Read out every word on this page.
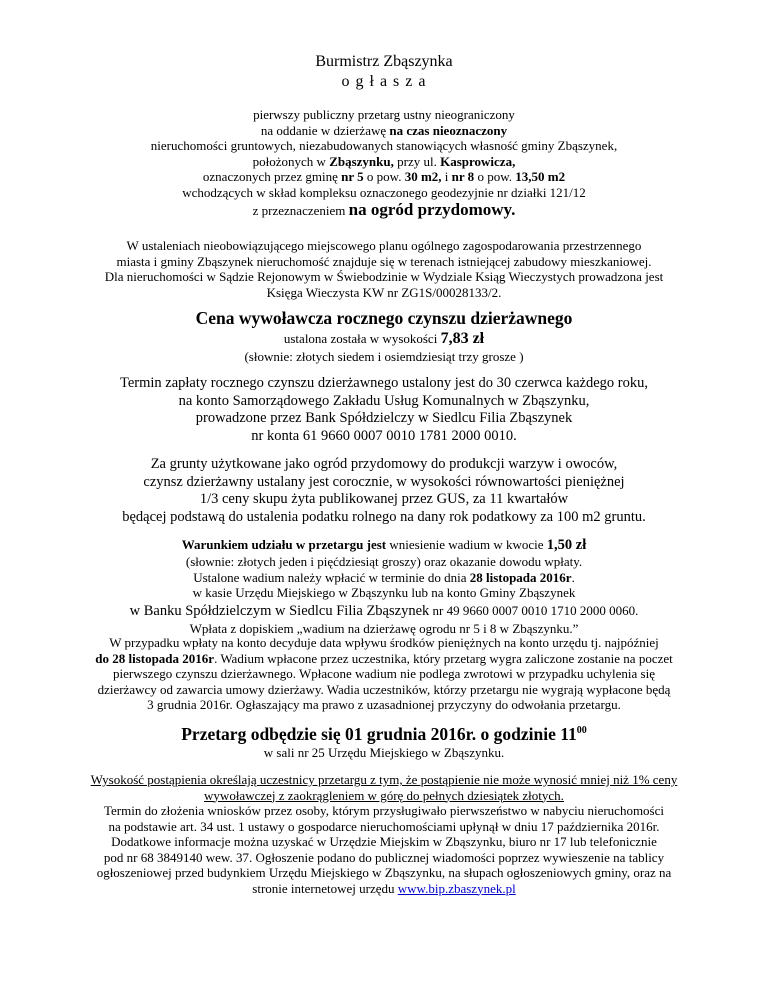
Burmistrz Zbąszynka

o g ł a s z a

pierwszy publiczny przetarg ustny nieograniczony

na oddanie w dzierżawę na czas nieoznaczony

nieruchomości gruntowych, niezabudowanych stanowiących własność gminy Zbąszynek,

położonych w Zbąszynku, przy ul. Kasprowicza,

oznaczonych przez gminę nr 5 o pow. 30 m2, i nr 8 o pow. 13,50 m2

wchodzących w skład kompleksu oznaczonego geodezyjnie nr działki 121/12

z przeznaczeniem na ogród przydomowy.

W ustaleniach nieobowiązującego miejscowego planu ogólnego zagospodarowania przestrzennego

miasta i gminy Zbąszynek nieruchomość znajduje się w terenach istniejącej zabudowy mieszkaniowej.

Dla nieruchomości w Sądzie Rejonowym w Świebodzinie w Wydziale Ksiąg Wieczystych prowadzona jest

Księga Wieczysta KW nr ZG1S/00028133/2.

Cena wywoławcza rocznego czynszu dzierżawnego

ustalona została w wysokości 7,83 zł

(słownie: złotych siedem i osiemdziesiąt trzy grosze )

Termin zapłaty rocznego czynszu dzierżawnego ustalony jest do 30 czerwca każdego roku,

na konto Samorządowego Zakładu Usług Komunalnych w Zbąszynku,

prowadzone przez Bank Spółdzielczy w Siedlcu Filia Zbąszynek

nr konta 61 9660 0007 0010 1781 2000 0010.

Za grunty użytkowane jako ogród przydomowy do produkcji warzyw i owoców,

czynsz dzierżawny ustalany jest corocznie, w wysokości równowartości pieniężnej

1/3 ceny skupu żyta publikowanej przez GUS, za 11 kwartałów

będącej podstawą do ustalenia podatku rolnego na dany rok podatkowy za 100 m2 gruntu.

Warunkiem udziału w przetargu jest wniesienie wadium w kwocie 1,50 zł

(słownie: złotych jeden i pięćdziesiąt groszy) oraz okazanie dowodu wpłaty.

Ustalone wadium należy wpłacić w terminie do dnia 28 listopada 2016r.

w kasie Urzędu Miejskiego w Zbąszynku lub na konto Gminy Zbąszynek

w Banku Spółdzielczym w Siedlcu Filia Zbąszynek nr 49 9660 0007 0010 1710 2000 0060.

Wpłata z dopiskiem „wadium na dzierżawę ogrodu nr 5 i 8 w Zbąszynku.”

W przypadku wpłaty na konto decyduje data wpływu środków pieniężnych na konto urzędu tj. najpóźniej

do 28 listopada 2016r. Wadium wpłacone przez uczestnika, który przetarg wygra zaliczone zostanie na poczet

pierwszego czynszu dzierżawnego. Wpłacone wadium nie podlega zwrotowi w przypadku uchylenia się

dzierżawcy od zawarcia umowy dzierżawy. Wadia uczestników, którzy przetargu nie wygrają wypłacone będą

3 grudnia 2016r. Ogłaszający ma prawo z uzasadnionej przyczyny do odwołania przetargu.

Przetarg odbędzie się 01 grudnia 2016r. o godzinie $11^{00}$

w sali nr 25 Urzędu Miejskiego w Zbąszynku.

Wysokość postąpienia określają uczestnicy przetargu z tym, że postąpienie nie może wynosić mniej niż 1% ceny

wywoławczej z zaokrągleniem w górę do pełnych dziesiątek złotych.

Termin do złożenia wniosków przez osoby, którym przysługiwało pierwszeństwo w nabyciu nieruchomości

na podstawie art. 34 ust. 1 ustawy o gospodarce nieruchomościami upłynął w dniu 17 października 2016r.

Dodatkowe informacje można uzyskać w Urzędzie Miejskim w Zbąszynku, biuro nr 17 lub telefonicznie

pod nr 68 3849140 wew. 37. Ogłoszenie podano do publicznej wiadomości poprzez wywieszenie na tablicy

ogłoszeniowej przed budynkiem Urzędu Miejskiego w Zbąszynku, na słupach ogłoszeniowych gminy, oraz na

stronie internetowej urzędu www.bip.zbaszynek.pl
